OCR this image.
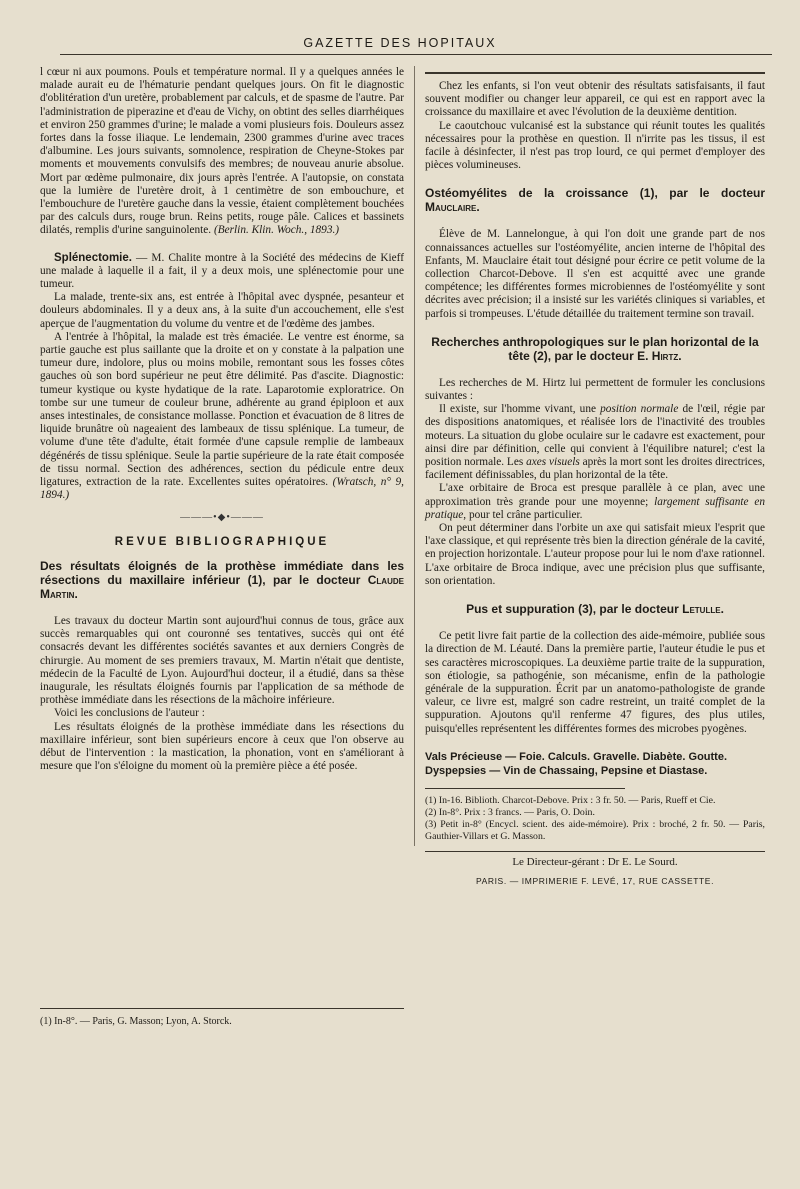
GAZETTE DES HOPITAUX

l cœur ni aux poumons. Pouls et température normal. Il y a quelques années le malade aurait eu de l'hématurie pendant quelques jours. On fit le diagnostic d'oblitération d'un uretère, probablement par calculs, et de spasme de l'autre. Par l'administration de piperazine et d'eau de Vichy, on obtint des selles diarrhéiques et environ 250 grammes d'urine; le malade a vomi plusieurs fois. Douleurs assez fortes dans la fosse iliaque. Le lendemain, 2300 grammes d'urine avec traces d'albumine. Les jours suivants, somnolence, respiration de Cheyne-Stokes par moments et mouvements convulsifs des membres; de nouveau anurie absolue. Mort par œdème pulmonaire, dix jours après l'entrée. A l'autopsie, on constata que la lumière de l'uretère droit, à 1 centimètre de son embouchure, et l'embouchure de l'uretère gauche dans la vessie, étaient complètement bouchées par des calculs durs, rouge brun. Reins petits, rouge pâle. Calices et bassinets dilatés, remplis d'urine sanguinolente. (Berlin. Klin. Woch., 1893.)

Splénectomie. — M. Chalite montre à la Société des médecins de Kieff une malade à laquelle il a fait, il y a deux mois, une splénectomie pour une tumeur.

La malade, trente-six ans, est entrée à l'hôpital avec dyspnée, pesanteur et douleurs abdominales. Il y a deux ans, à la suite d'un accouchement, elle s'est aperçue de l'augmentation du volume du ventre et de l'œdème des jambes.

A l'entrée à l'hôpital, la malade est très émaciée. Le ventre est énorme, sa partie gauche est plus saillante que la droite et on y constate à la palpation une tumeur dure, indolore, plus ou moins mobile, remontant sous les fosses côtes gauches où son bord supérieur ne peut être délimité. Pas d'ascite. Diagnostic: tumeur kystique ou kyste hydatique de la rate. Laparotomie exploratrice. On tombe sur une tumeur de couleur brune, adhérente au grand épiploon et aux anses intestinales, de consistance mollasse. Ponction et évacuation de 8 litres de liquide brunâtre où nageaient des lambeaux de tissu splénique. La tumeur, de volume d'une tête d'adulte, était formée d'une capsule remplie de lambeaux dégénérés de tissu splénique. Seule la partie supérieure de la rate était composée de tissu normal. Section des adhérences, section du pédicule entre deux ligatures, extraction de la rate. Excellentes suites opératoires. (Wratsch, n° 9, 1894.)

———•◆•———
REVUE BIBLIOGRAPHIQUE

Des résultats éloignés de la prothèse immédiate dans les résections du maxillaire inférieur (1), par le docteur Claude Martin.

Les travaux du docteur Martin sont aujourd'hui connus de tous, grâce aux succès remarquables qui ont couronné ses tentatives, succès qui ont été consacrés devant les différentes sociétés savantes et aux derniers Congrès de chirurgie. Au moment de ses premiers travaux, M. Martin n'était que dentiste, médecin de la Faculté de Lyon. Aujourd'hui docteur, il a étudié, dans sa thèse inaugurale, les résultats éloignés fournis par l'application de sa méthode de prothèse immédiate dans les résections de la mâchoire inférieure.

Voici les conclusions de l'auteur :

Les résultats éloignés de la prothèse immédiate dans les résections du maxillaire inférieur, sont bien supérieurs encore à ceux que l'on observe au début de l'intervention : la mastication, la phonation, vont en s'améliorant à mesure que l'on s'éloigne du moment où la première pièce a été posée.

(1) In-8°. — Paris, G. Masson; Lyon, A. Storck.

Chez les enfants, si l'on veut obtenir des résultats satisfaisants, il faut souvent modifier ou changer leur appareil, ce qui est en rapport avec la croissance du maxillaire et avec l'évolution de la deuxième dentition.

Le caoutchouc vulcanisé est la substance qui réunit toutes les qualités nécessaires pour la prothèse en question. Il n'irrite pas les tissus, il est facile à désinfecter, il n'est pas trop lourd, ce qui permet d'employer des pièces volumineuses.

Ostéomyélites de la croissance (1), par le docteur Mauclaire.

Élève de M. Lannelongue, à qui l'on doit une grande part de nos connaissances actuelles sur l'ostéomyélite, ancien interne de l'hôpital des Enfants, M. Mauclaire était tout désigné pour écrire ce petit volume de la collection Charcot-Debove. Il s'en est acquitté avec une grande compétence; les différentes formes microbiennes de l'ostéomyélite y sont décrites avec précision; il a insisté sur les variétés cliniques si variables, et parfois si trompeuses. L'étude détaillée du traitement termine son travail.

Recherches anthropologiques sur le plan horizontal de la tête (2), par le docteur E. Hirtz.

Les recherches de M. Hirtz lui permettent de formuler les conclusions suivantes :

Il existe, sur l'homme vivant, une position normale de l'œil, régie par des dispositions anatomiques, et réalisée lors de l'inactivité des troubles moteurs. La situation du globe oculaire sur le cadavre est exactement, pour ainsi dire par définition, celle qui convient à l'équilibre naturel; c'est la position normale. Les axes visuels après la mort sont les droites directrices, facilement définissables, du plan horizontal de la tête.

L'axe orbitaire de Broca est presque parallèle à ce plan, avec une approximation très grande pour une moyenne; largement suffisante en pratique, pour tel crâne particulier.

On peut déterminer dans l'orbite un axe qui satisfait mieux l'esprit que l'axe classique, et qui représente très bien la direction générale de la cavité, en projection horizontale. L'auteur propose pour lui le nom d'axe rationnel. L'axe orbitaire de Broca indique, avec une précision plus que suffisante, son orientation.

Pus et suppuration (3), par le docteur Letulle.

Ce petit livre fait partie de la collection des aide-mémoire, publiée sous la direction de M. Léauté. Dans la première partie, l'auteur étudie le pus et ses caractères microscopiques. La deuxième partie traite de la suppuration, son étiologie, sa pathogénie, son mécanisme, enfin de la pathologie générale de la suppuration. Écrit par un anatomo-pathologiste de grande valeur, ce livre est, malgré son cadre restreint, un traité complet de la suppuration. Ajoutons qu'il renferme 47 figures, des plus utiles, puisqu'elles représentent les différentes formes des microbes pyogènes.

Vals Précieuse — Foie. Calculs. Gravelle. Diabète. Goutte.
Dyspepsies — Vin de Chassaing, Pepsine et Diastase.

(1) In-16. Biblioth. Charcot-Debove. Prix : 3 fr. 50. — Paris, Rueff et Cie.

(2) In-8°. Prix : 3 francs. — Paris, O. Doin.

(3) Petit in-8° (Encycl. scient. des aide-mémoire). Prix : broché, 2 fr. 50. — Paris, Gauthier-Villars et G. Masson.

Le Directeur-gérant : Dr E. Le Sourd.
PARIS. — IMPRIMERIE F. LEVÉ, 17, RUE CASSETTE.
